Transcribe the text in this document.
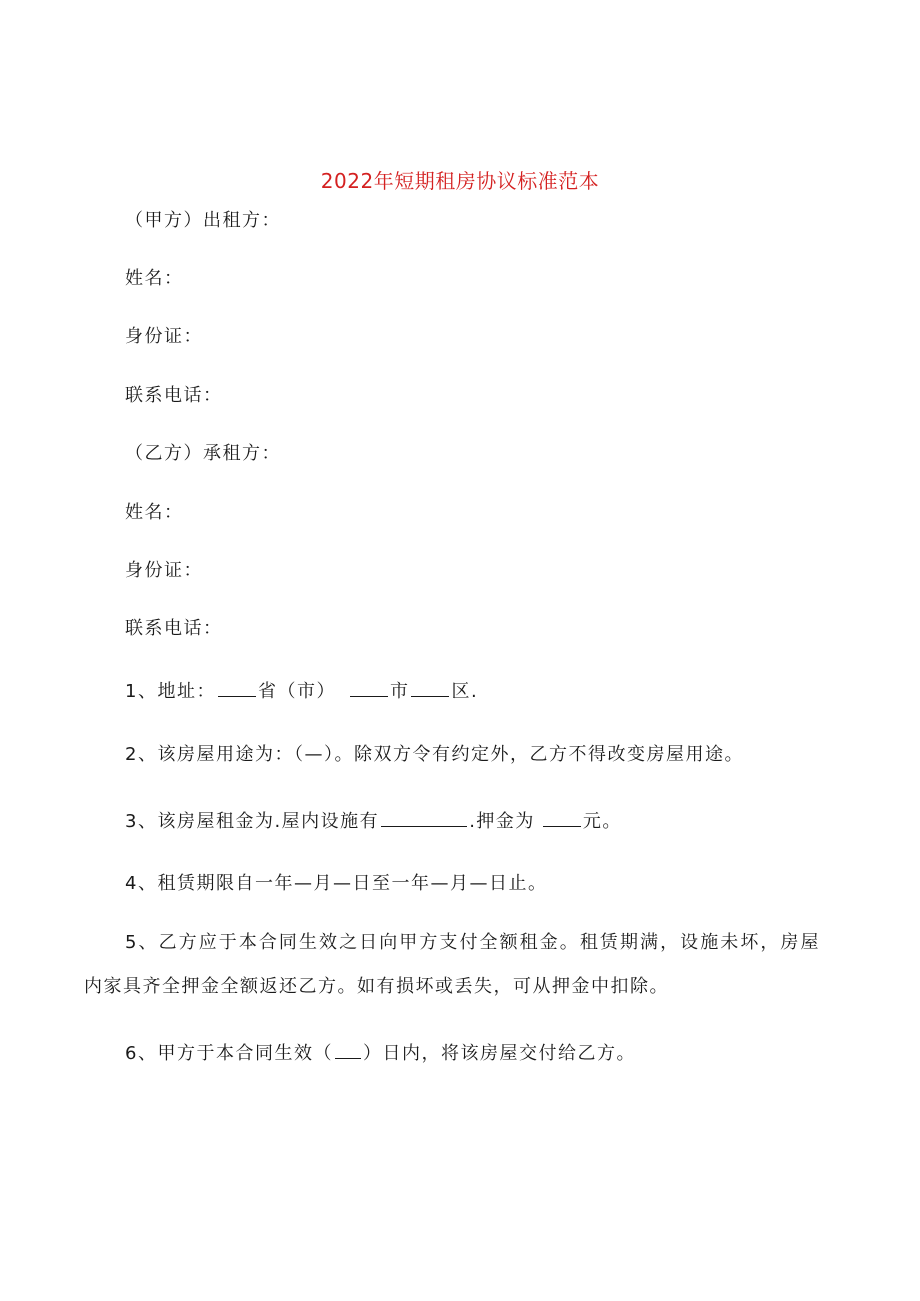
2022年短期租房协议标准范本
（甲方）出租方：
姓名：
身份证：
联系电话：
（乙方）承租方：
姓名：
身份证：
联系电话：
1、地址： 省（市）	市 区.
2、该房屋用途为：（—）。除双方令有约定外，乙方不得改变房屋用途。
3、该房屋租金为.屋内设施有	.押金为	元。
4、租赁期限自一年—月—日至一年—月—日止。
5、乙方应于本合同生效之日向甲方支付全额租金。租赁期满，设施未坏，房屋内家具齐全押金全额返还乙方。如有损坏或丢失，可从押金中扣除。
6、甲方于本合同生效（ ）日内，将该房屋交付给乙方。
